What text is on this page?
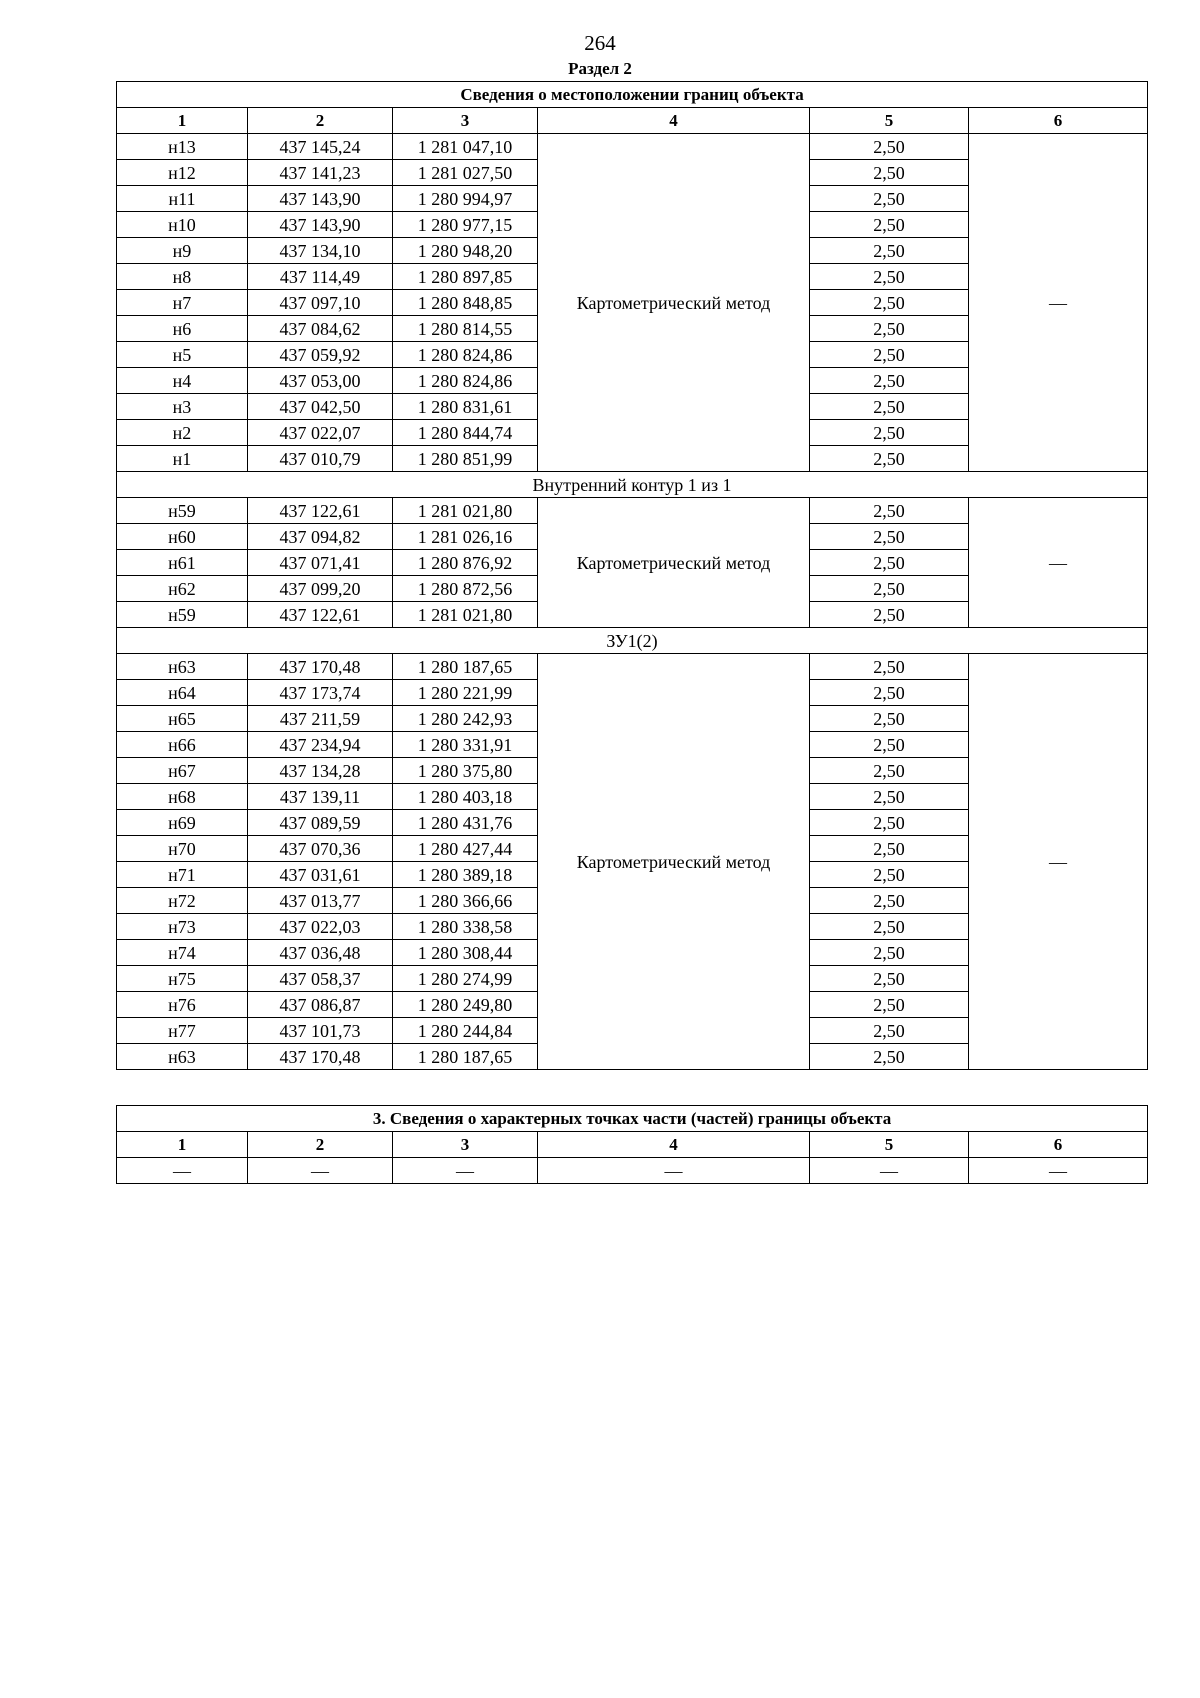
264
Раздел 2
Сведения о местоположении границ объекта					
1	2	3	4	5	6
н13	437 145,24	1 281 047,10	Картометрический метод	2,50	—
н12	437 141,23	1 281 027,50		2,50	
н11	437 143,90	1 280 994,97		2,50	
н10	437 143,90	1 280 977,15		2,50	
н9	437 134,10	1 280 948,20		2,50	
н8	437 114,49	1 280 897,85		2,50	
н7	437 097,10	1 280 848,85		2,50	
н6	437 084,62	1 280 814,55		2,50	
н5	437 059,92	1 280 824,86		2,50	
н4	437 053,00	1 280 824,86		2,50	
н3	437 042,50	1 280 831,61		2,50	
н2	437 022,07	1 280 844,74		2,50	
н1	437 010,79	1 280 851,99		2,50	
Внутренний контур 1 из 1					
н59	437 122,61	1 281 021,80	Картометрический метод	2,50	—
н60	437 094,82	1 281 026,16		2,50	
н61	437 071,41	1 280 876,92		2,50	
н62	437 099,20	1 280 872,56		2,50	
н59	437 122,61	1 281 021,80		2,50	
ЗУ1(2)					
н63	437 170,48	1 280 187,65	Картометрический метод	2,50	—
н64	437 173,74	1 280 221,99		2,50	
н65	437 211,59	1 280 242,93		2,50	
н66	437 234,94	1 280 331,91		2,50	
н67	437 134,28	1 280 375,80		2,50	
н68	437 139,11	1 280 403,18		2,50	
н69	437 089,59	1 280 431,76		2,50	
н70	437 070,36	1 280 427,44		2,50	
н71	437 031,61	1 280 389,18		2,50	
н72	437 013,77	1 280 366,66		2,50	
н73	437 022,03	1 280 338,58		2,50	
н74	437 036,48	1 280 308,44		2,50	
н75	437 058,37	1 280 274,99		2,50	
н76	437 086,87	1 280 249,80		2,50	
н77	437 101,73	1 280 244,84		2,50	
н63	437 170,48	1 280 187,65		2,50	
3. Сведения о характерных точках части (частей) границы объекта					
1	2	3	4	5	6
—	—	—	—	—	—
